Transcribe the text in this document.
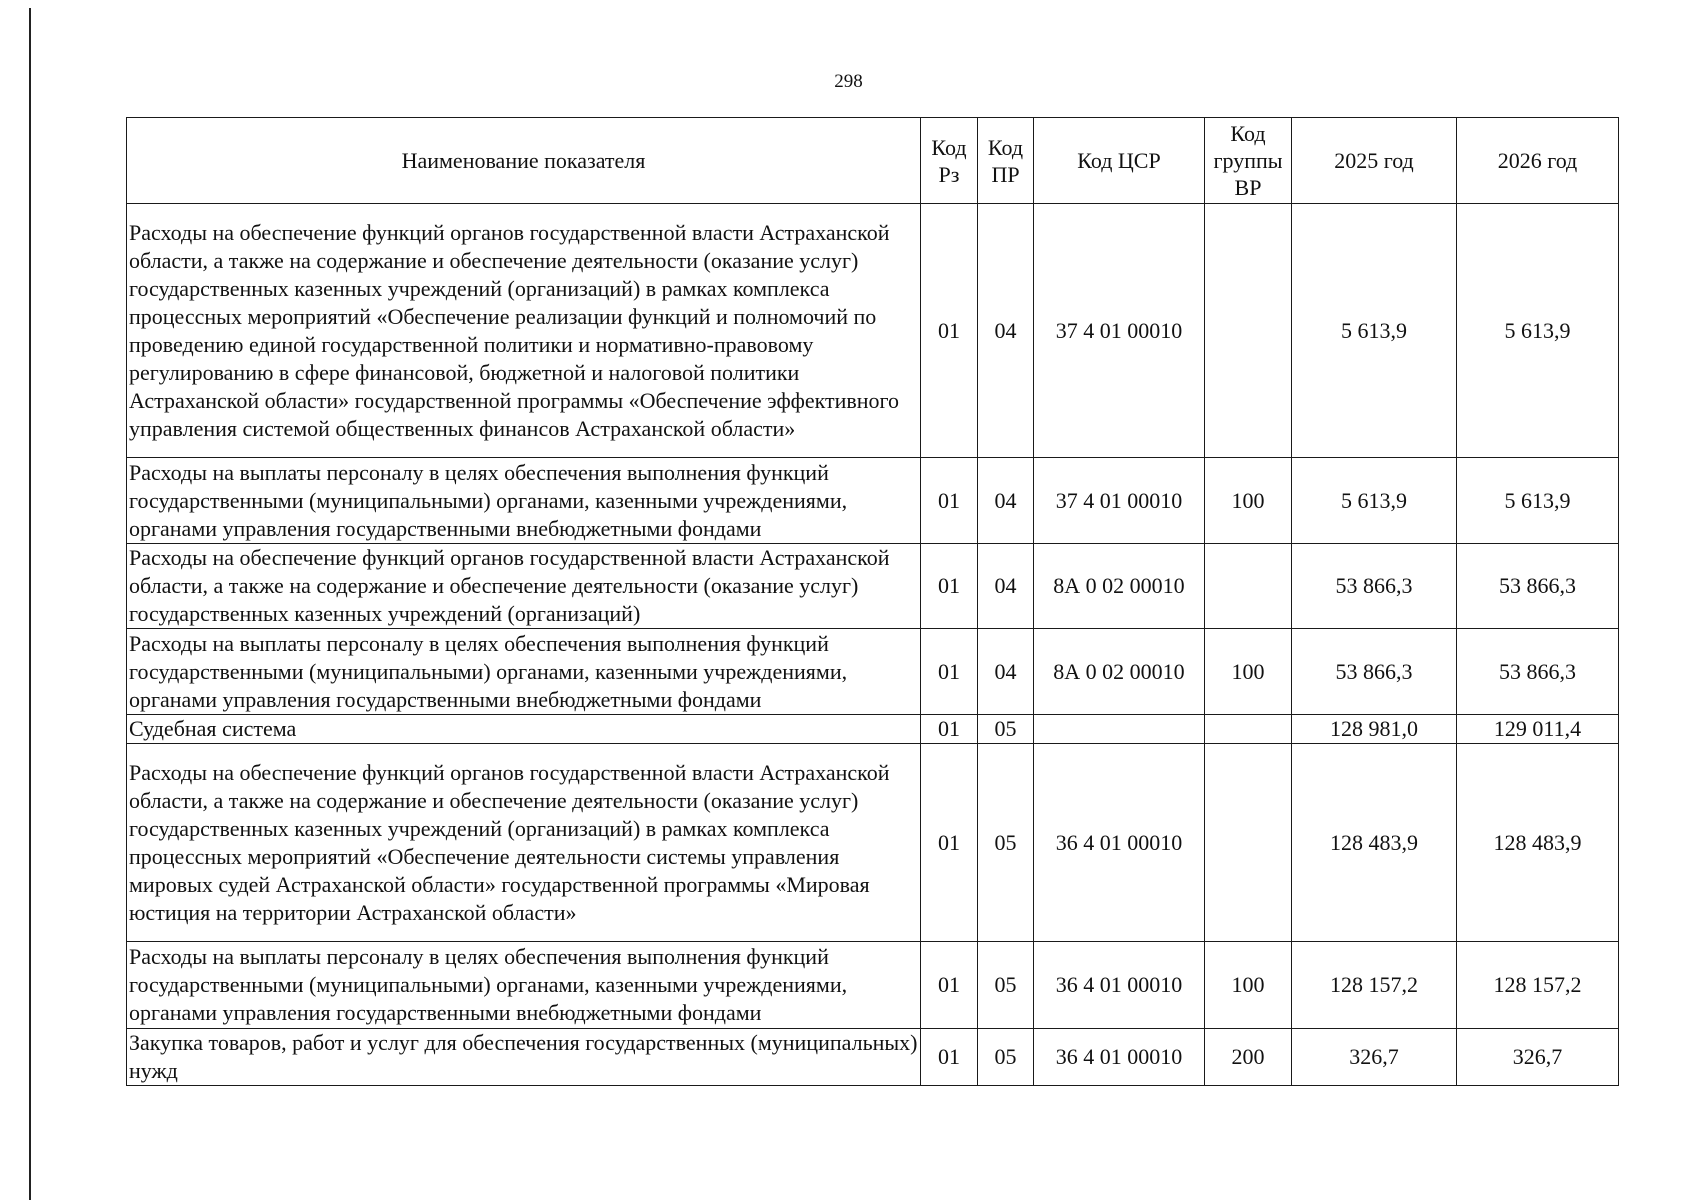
298
Наименование показателя	Код Рз	Код ПР	Код ЦСР	Код группы ВР	2025 год	2026 год
Расходы на обеспечение функций органов государственной власти Астраханской области, а также на содержание и обеспечение деятельности (оказание услуг) государственных казенных учреждений (организаций) в рамках комплекса процессных мероприятий «Обеспечение реализации функций и полномочий по проведению единой государственной политики и нормативно-правовому регулированию в сфере финансовой, бюджетной и налоговой политики Астраханской области» государственной программы «Обеспечение эффективного управления системой общественных финансов Астраханской области»	01	04	37 4 01 00010		5 613,9	5 613,9
Расходы на выплаты персоналу в целях обеспечения выполнения функций государственными (муниципальными) органами, казенными учреждениями, органами управления государственными внебюджетными фондами	01	04	37 4 01 00010	100	5 613,9	5 613,9
Расходы на обеспечение функций органов государственной власти Астраханской области, а также на содержание и обеспечение деятельности (оказание услуг) государственных казенных учреждений (организаций)	01	04	8А 0 02 00010		53 866,3	53 866,3
Расходы на выплаты персоналу в целях обеспечения выполнения функций государственными (муниципальными) органами, казенными учреждениями, органами управления государственными внебюджетными фондами	01	04	8А 0 02 00010	100	53 866,3	53 866,3
Судебная система	01	05			128 981,0	129 011,4
Расходы на обеспечение функций органов государственной власти Астраханской области, а также на содержание и обеспечение деятельности (оказание услуг) государственных казенных учреждений (организаций) в рамках комплекса процессных мероприятий «Обеспечение деятельности системы управления мировых судей Астраханской области» государственной программы «Мировая юстиция на территории Астраханской области»	01	05	36 4 01 00010		128 483,9	128 483,9
Расходы на выплаты персоналу в целях обеспечения выполнения функций государственными (муниципальными) органами, казенными учреждениями, органами управления государственными внебюджетными фондами	01	05	36 4 01 00010	100	128 157,2	128 157,2
Закупка товаров, работ и услуг для обеспечения государственных (муниципальных) нужд	01	05	36 4 01 00010	200	326,7	326,7
